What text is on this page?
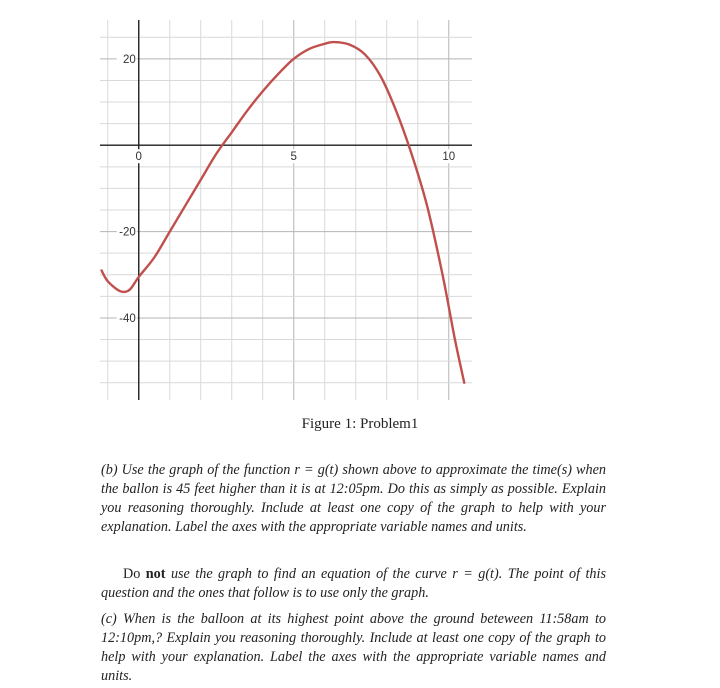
0	5	10
20
-20
-40
Figure 1: Problem1
(b) Use the graph of the function r = g(t) shown above to approximate the time(s) when the ballon is 45 feet higher than it is at 12:05pm. Do this as simply as possible. Explain you reasoning thoroughly. Include at least one copy of the graph to help with your explanation. Label the axes with the appropriate variable names and units.
Do not use the graph to find an equation of the curve r = g(t). The point of this question and the ones that follow is to use only the graph.
(c) When is the balloon at its highest point above the ground beteween 11:58am to 12:10pm,? Explain you reasoning thoroughly. Include at least one copy of the graph to help with your explanation. Label the axes with the appropriate variable names and units.
